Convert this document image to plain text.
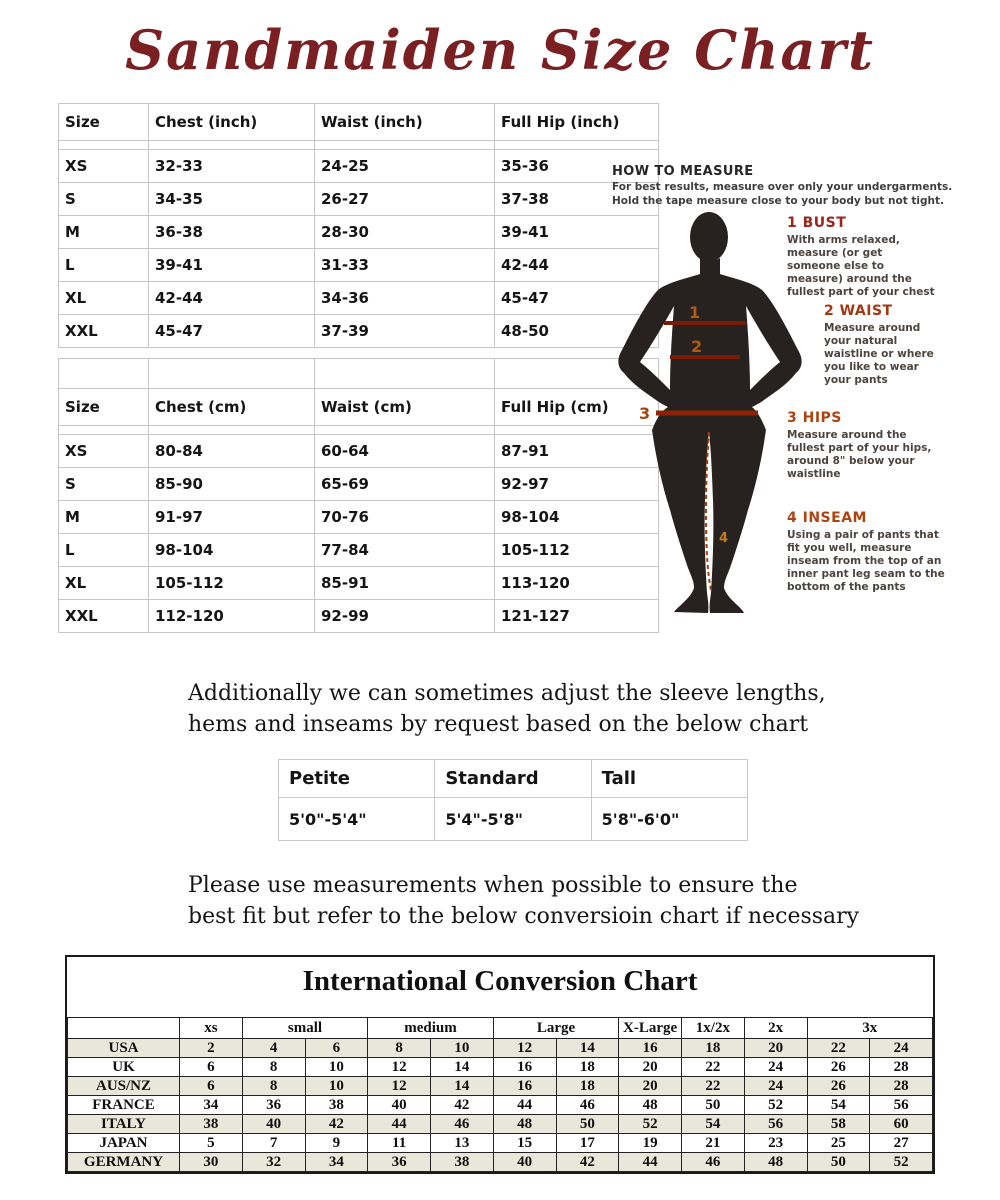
Sandmaiden Size Chart
Size	Chest (inch)	Waist (inch)	Full Hip (inch)

XS	32-33	24-25	35-36
S	34-35	26-27	37-38
M	36-38	28-30	39-41
L	39-41	31-33	42-44
XL	42-44	34-36	45-47
XXL	45-47	37-39	48-50

Size	Chest (cm)	Waist (cm)	Full Hip (cm)

XS	80-84	60-64	87-91
S	85-90	65-69	92-97
M	91-97	70-76	98-104
L	98-104	77-84	105-112
XL	105-112	85-91	113-120
XXL	112-120	92-99	121-127
HOW TO MEASURE
For best results, measure over only your undergarments.
Hold the tape measure close to your body but not tight.
1
2
3
4
1 BUST
With arms relaxed, measure (or get someone else to measure) around the fullest part of your chest
2 WAIST
Measure around your natural waistline or where you like to wear your pants
3 HIPS
Measure around the fullest part of your hips, around 8" below your waistline
4 INSEAM
Using a pair of pants that fit you well, measure inseam from the top of an inner pant leg seam to the bottom of the pants
Additionally we can sometimes adjust the sleeve lengths,
hems and inseams by request based on the below chart
Please use measurements when possible to ensure the
best fit but refer to the below conversioin chart if necessary
Petite	Standard	Tall
5'0"-5'4"	5'4"-5'8"	5'8"-6'0"
International Conversion Chart
	xs	small		medium		Large		X-Large	1x/2x	2x	3x	
USA	2	4	6	8	10	12	14	16	18	20	22	24
UK	6	8	10	12	14	16	18	20	22	24	26	28
AUS/NZ	6	8	10	12	14	16	18	20	22	24	26	28
FRANCE	34	36	38	40	42	44	46	48	50	52	54	56
ITALY	38	40	42	44	46	48	50	52	54	56	58	60
JAPAN	5	7	9	11	13	15	17	19	21	23	25	27
GERMANY	30	32	34	36	38	40	42	44	46	48	50	52
